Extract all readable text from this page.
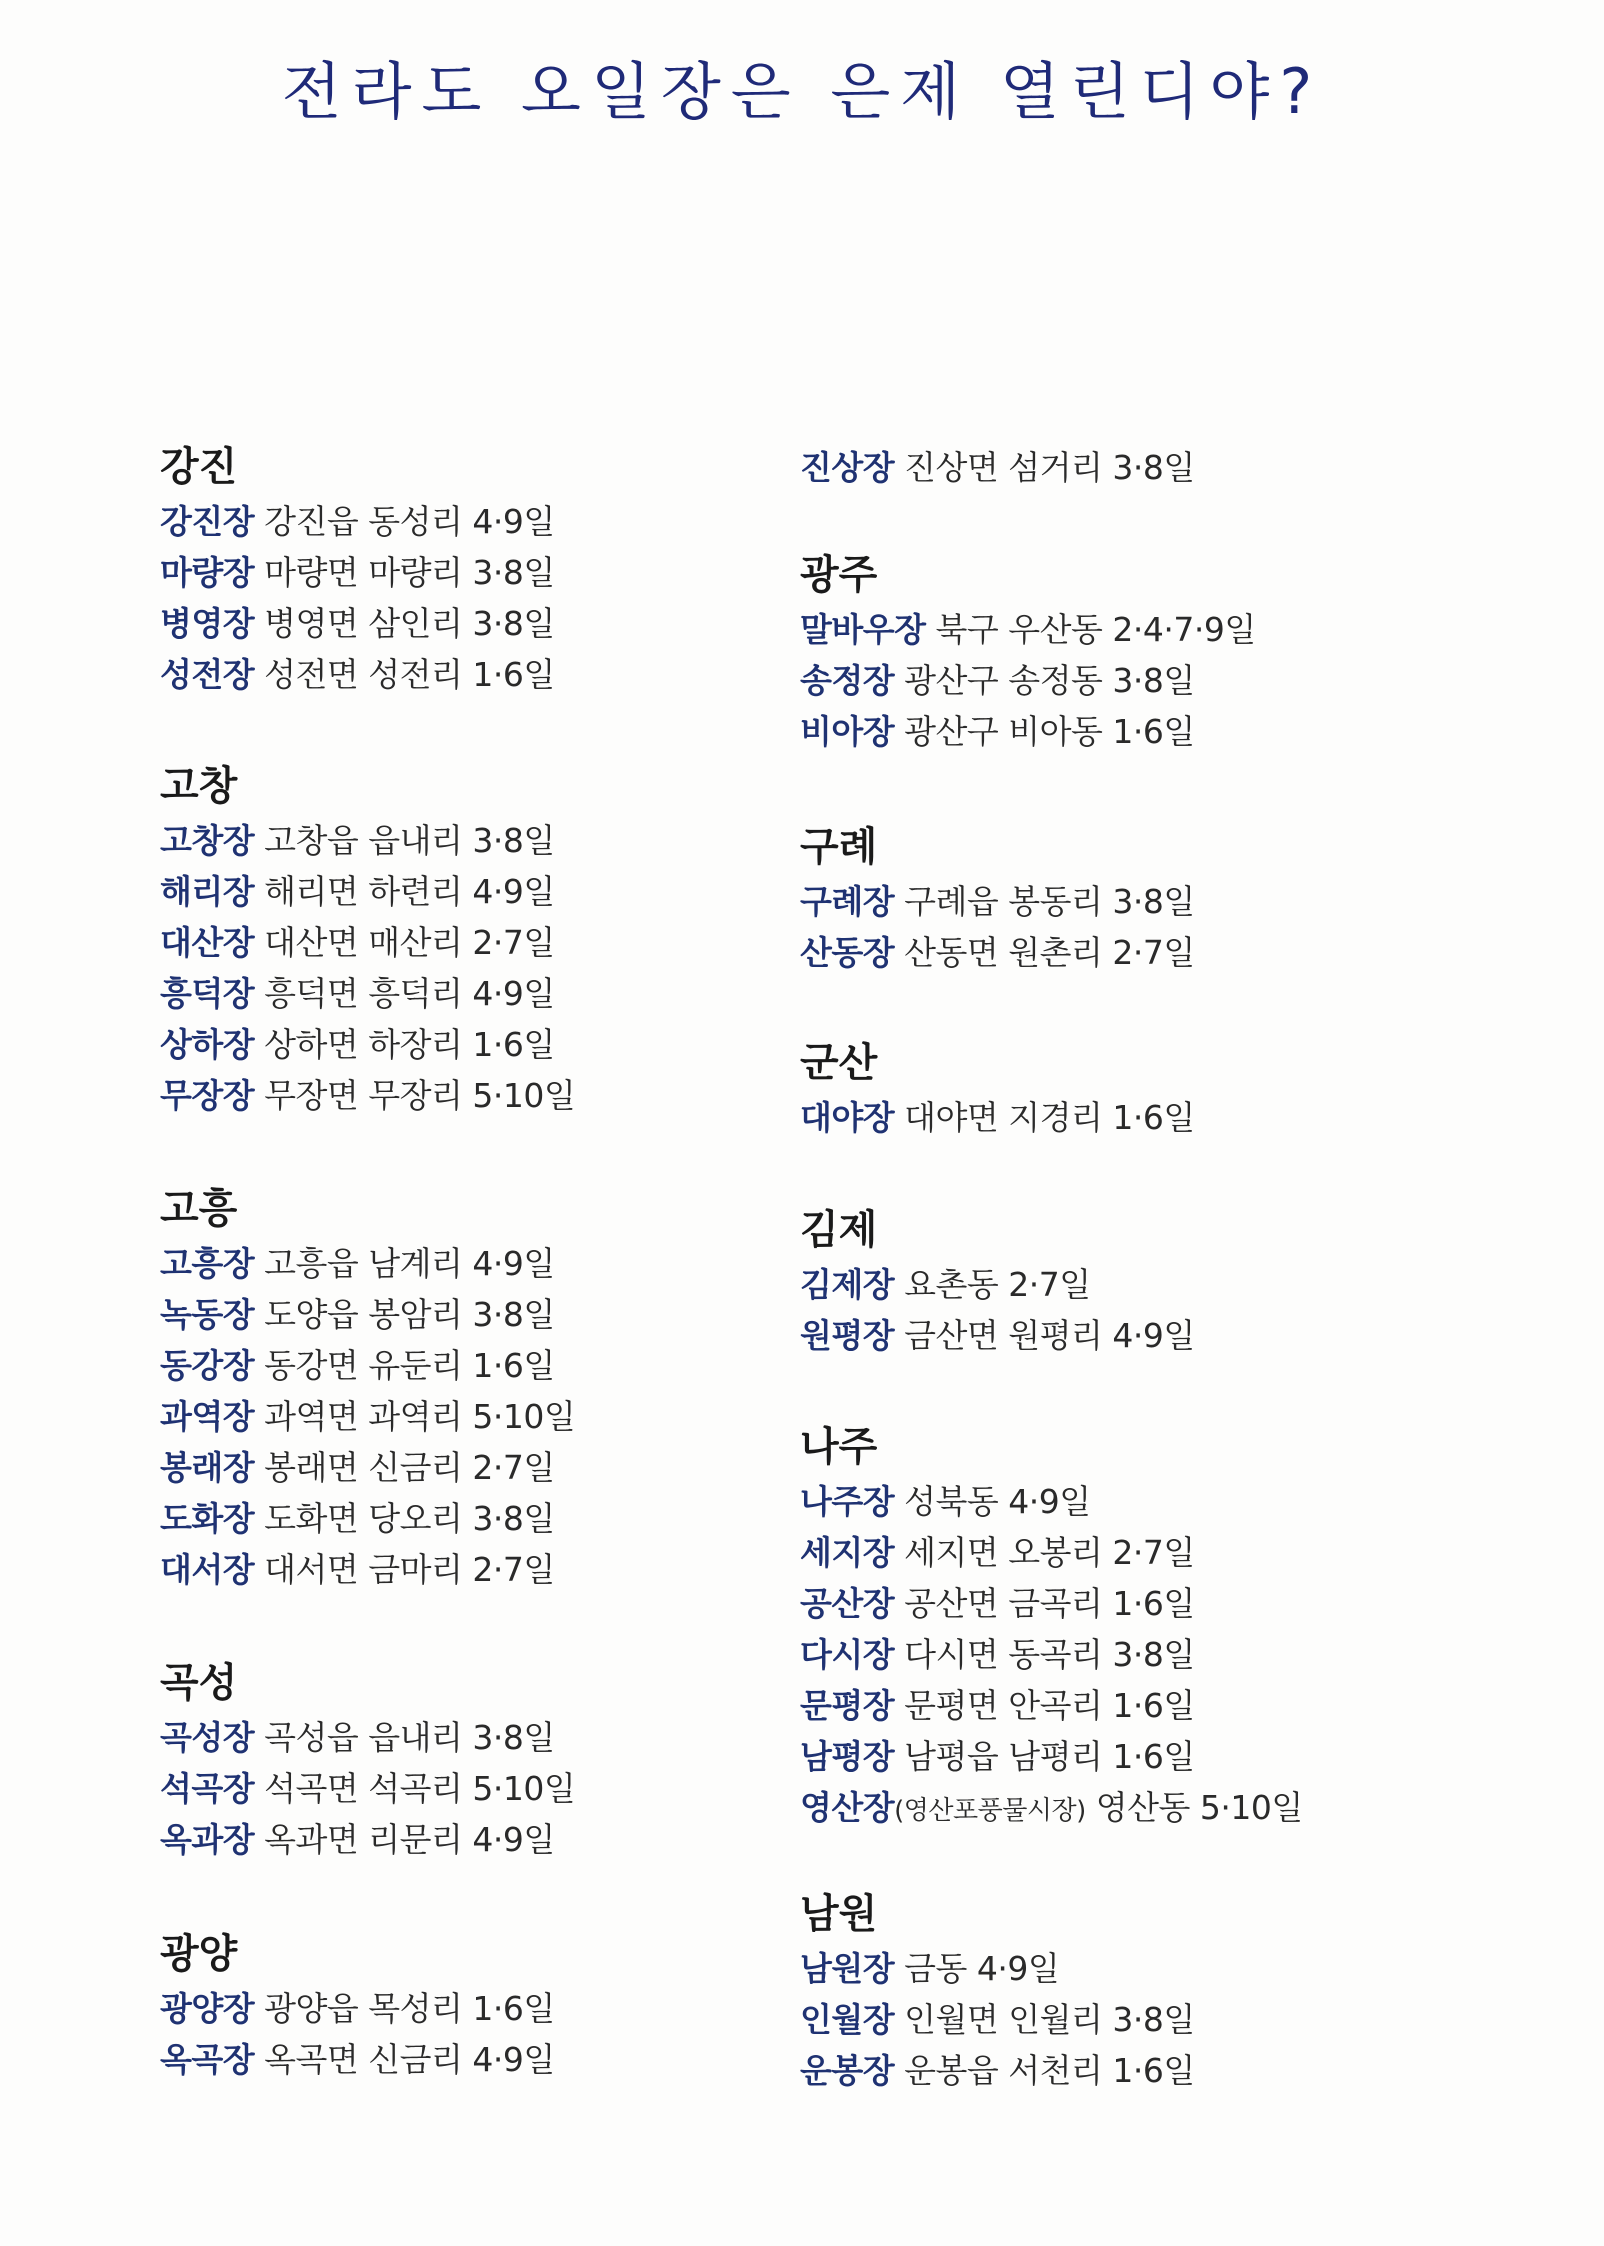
전라도 오일장은 은제 열린디야?
강진
강진장 강진읍 동성리 4·9일
마량장 마량면 마량리 3·8일
병영장 병영면 삼인리 3·8일
성전장 성전면 성전리 1·6일
고창
고창장 고창읍 읍내리 3·8일
해리장 해리면 하련리 4·9일
대산장 대산면 매산리 2·7일
흥덕장 흥덕면 흥덕리 4·9일
상하장 상하면 하장리 1·6일
무장장 무장면 무장리 5·10일
고흥
고흥장 고흥읍 남계리 4·9일
녹동장 도양읍 봉암리 3·8일
동강장 동강면 유둔리 1·6일
과역장 과역면 과역리 5·10일
봉래장 봉래면 신금리 2·7일
도화장 도화면 당오리 3·8일
대서장 대서면 금마리 2·7일
곡성
곡성장 곡성읍 읍내리 3·8일
석곡장 석곡면 석곡리 5·10일
옥과장 옥과면 리문리 4·9일
광양
광양장 광양읍 목성리 1·6일
옥곡장 옥곡면 신금리 4·9일
진상장 진상면 섬거리 3·8일
광주
말바우장 북구 우산동 2·4·7·9일
송정장 광산구 송정동 3·8일
비아장 광산구 비아동 1·6일
구례
구례장 구례읍 봉동리 3·8일
산동장 산동면 원촌리 2·7일
군산
대야장 대야면 지경리 1·6일
김제
김제장 요촌동 2·7일
원평장 금산면 원평리 4·9일
나주
나주장 성북동 4·9일
세지장 세지면 오봉리 2·7일
공산장 공산면 금곡리 1·6일
다시장 다시면 동곡리 3·8일
문평장 문평면 안곡리 1·6일
남평장 남평읍 남평리 1·6일
영산장(영산포풍물시장) 영산동 5·10일
남원
남원장 금동 4·9일
인월장 인월면 인월리 3·8일
운봉장 운봉읍 서천리 1·6일
